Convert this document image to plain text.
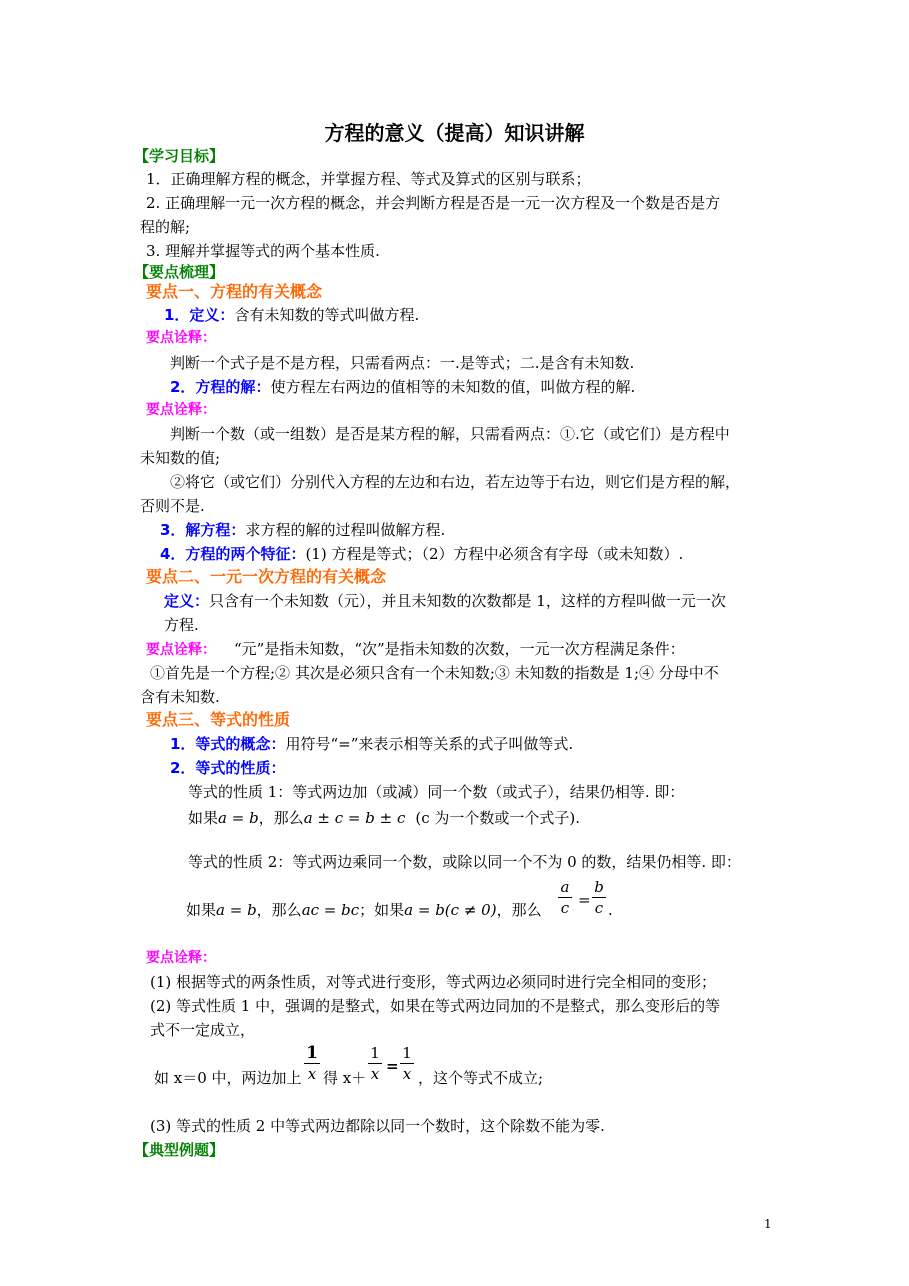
方程的意义（提高）知识讲解
【学习目标】
1．正确理解方程的概念，并掌握方程、等式及算式的区别与联系；
2. 正确理解一元一次方程的概念，并会判断方程是否是一元一次方程及一个数是否是方
程的解;
3. 理解并掌握等式的两个基本性质.
【要点梳理】
要点一、方程的有关概念
1．定义：含有未知数的等式叫做方程.
要点诠释：
判断一个式子是不是方程，只需看两点：一.是等式；二.是含有未知数.
2．方程的解：使方程左右两边的值相等的未知数的值，叫做方程的解.
要点诠释：
判断一个数（或一组数）是否是某方程的解，只需看两点：①.它（或它们）是方程中
未知数的值;
②将它（或它们）分别代入方程的左边和右边，若左边等于右边，则它们是方程的解，
否则不是.
3．解方程：求方程的解的过程叫做解方程.
4．方程的两个特征：(1) 方程是等式；（2）方程中必须含有字母（或未知数）.
要点二、一元一次方程的有关概念
定义：只含有一个未知数（元），并且未知数的次数都是 1，这样的方程叫做一元一次
方程.
要点诠释： “元”是指未知数，“次”是指未知数的次数，一元一次方程满足条件：
①首先是一个方程;② 其次是必须只含有一个未知数;③ 未知数的指数是 1;④ 分母中不
含有未知数.
要点三、等式的性质
1．等式的概念：用符号“=”来表示相等关系的式子叫做等式.
2．等式的性质：
等式的性质 1：等式两边加（或减）同一个数（或式子），结果仍相等. 即：
如果a = b，那么a ± c = b ± c (c 为一个数或一个式子).
等式的性质 2：等式两边乘同一个数，或除以同一个不为 0 的数，结果仍相等. 即：
如果a = b，那么ac = bc；如果a = b(c ≠ 0)，那么
a
c =
b
c .
要点诠释：
(1) 根据等式的两条性质，对等式进行变形，等式两边必须同时进行完全相同的变形；
(2) 等式性质 1 中，强调的是整式，如果在等式两边同加的不是整式，那么变形后的等
式不一定成立，
如 x＝0 中，两边加上
1
x 得 x＋
1
x =
1
x ，这个等式不成立;
(3) 等式的性质 2 中等式两边都除以同一个数时，这个除数不能为零.
【典型例题】
1
